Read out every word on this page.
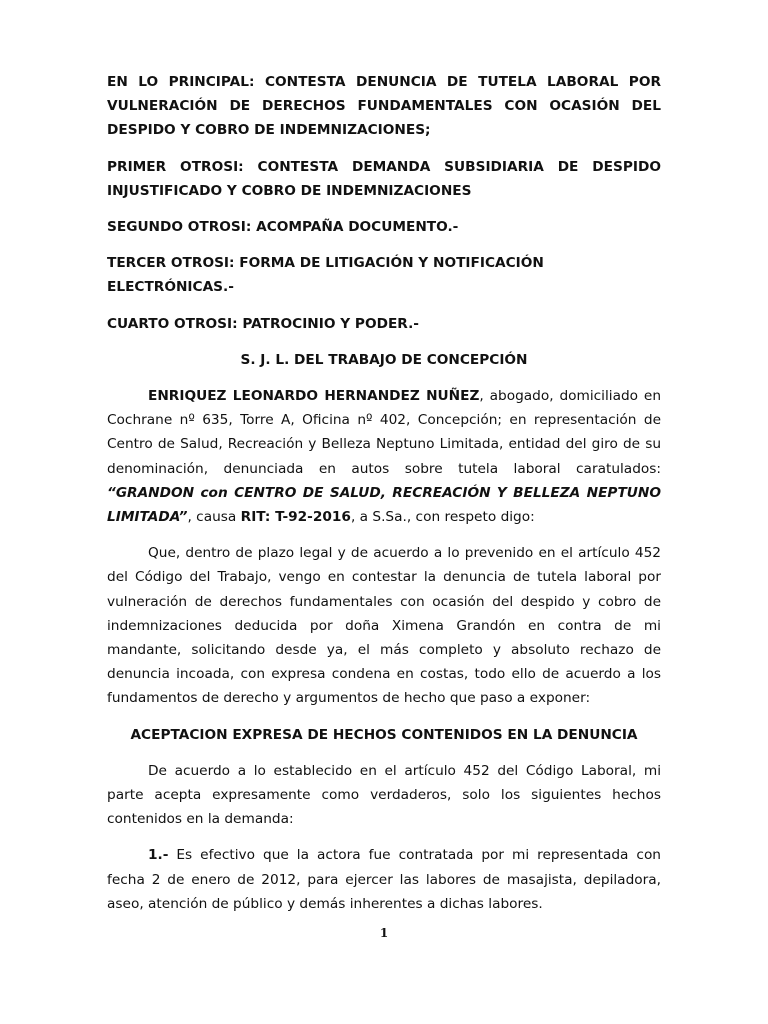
EN LO PRINCIPAL: CONTESTA DENUNCIA DE TUTELA LABORAL POR VULNERACIÓN DE DERECHOS FUNDAMENTALES CON OCASIÓN DEL DESPIDO Y COBRO DE INDEMNIZACIONES;

PRIMER OTROSI: CONTESTA DEMANDA SUBSIDIARIA DE DESPIDO INJUSTIFICADO Y COBRO DE INDEMNIZACIONES

SEGUNDO OTROSI: ACOMPAÑA DOCUMENTO.-

TERCER OTROSI: FORMA DE LITIGACIÓN Y NOTIFICACIÓN ELECTRÓNICAS.-

CUARTO OTROSI: PATROCINIO Y PODER.-

S. J. L. DEL TRABAJO DE CONCEPCIÓN

ENRIQUEZ LEONARDO HERNANDEZ NUÑEZ, abogado, domiciliado en Cochrane nº 635, Torre A, Oficina nº 402, Concepción; en representación de Centro de Salud, Recreación y Belleza Neptuno Limitada, entidad del giro de su denominación, denunciada en autos sobre tutela laboral caratulados: “GRANDON con CENTRO DE SALUD, RECREACIÓN Y BELLEZA NEPTUNO LIMITADA”, causa RIT: T-92-2016, a S.Sa., con respeto digo:

Que, dentro de plazo legal y de acuerdo a lo prevenido en el artículo 452 del Código del Trabajo, vengo en contestar la denuncia de tutela laboral por vulneración de derechos fundamentales con ocasión del despido y cobro de indemnizaciones deducida por doña Ximena Grandón en contra de mi mandante, solicitando desde ya, el más completo y absoluto rechazo de denuncia incoada, con expresa condena en costas, todo ello de acuerdo a los fundamentos de derecho y argumentos de hecho que paso a exponer:

ACEPTACION EXPRESA DE HECHOS CONTENIDOS EN LA DENUNCIA

De acuerdo a lo establecido en el artículo 452 del Código Laboral, mi parte acepta expresamente como verdaderos, solo los siguientes hechos contenidos en la demanda:

1.- Es efectivo que la actora fue contratada por mi representada con fecha 2 de enero de 2012, para ejercer las labores de masajista, depiladora, aseo, atención de público y demás inherentes a dichas labores.

1
